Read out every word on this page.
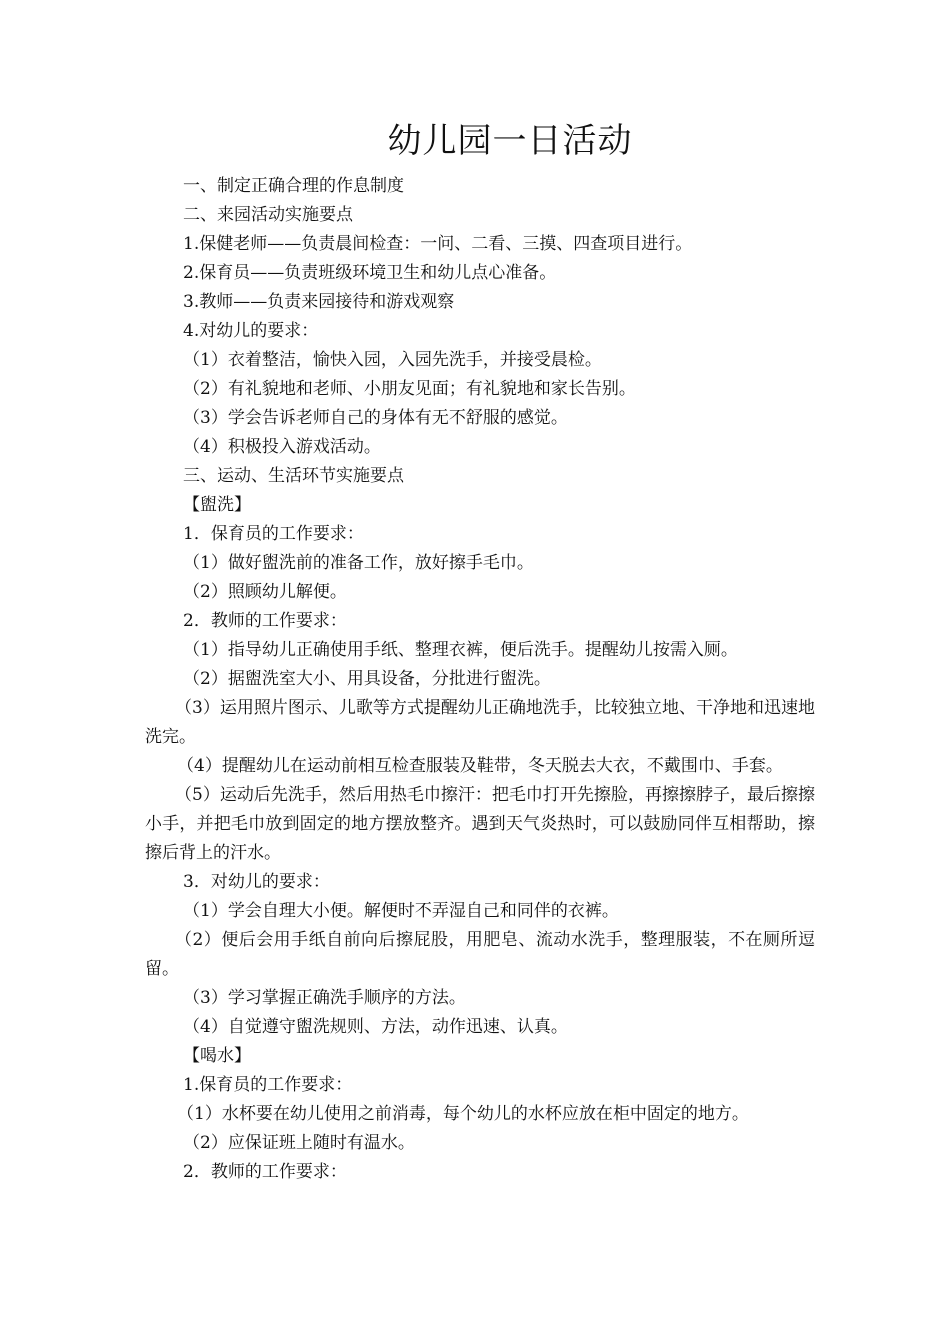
幼儿园一日活动
一、制定正确合理的作息制度
二、来园活动实施要点
1.保健老师——负责晨间检查：一问、二看、三摸、四查项目进行。
2.保育员——负责班级环境卫生和幼儿点心准备。
3.教师——负责来园接待和游戏观察
4.对幼儿的要求：
（1）衣着整洁，愉快入园，入园先洗手，并接受晨检。
（2）有礼貌地和老师、小朋友见面；有礼貌地和家长告别。
（3）学会告诉老师自己的身体有无不舒服的感觉。
（4）积极投入游戏活动。
三、运动、生活环节实施要点
【盥洗】
1．保育员的工作要求：
（1）做好盥洗前的准备工作，放好擦手毛巾。
（2）照顾幼儿解便。
2．教师的工作要求：
（1）指导幼儿正确使用手纸、整理衣裤，便后洗手。提醒幼儿按需入厕。
（2）据盥洗室大小、用具设备，分批进行盥洗。
（3）运用照片图示、儿歌等方式提醒幼儿正确地洗手，比较独立地、干净地和迅速地洗完。
（4）提醒幼儿在运动前相互检查服装及鞋带，冬天脱去大衣，不戴围巾、手套。
（5）运动后先洗手，然后用热毛巾擦汗：把毛巾打开先擦脸，再擦擦脖子，最后擦擦小手，并把毛巾放到固定的地方摆放整齐。遇到天气炎热时，可以鼓励同伴互相帮助，擦擦后背上的汗水。
3．对幼儿的要求：
（1）学会自理大小便。解便时不弄湿自己和同伴的衣裤。
（2）便后会用手纸自前向后擦屁股，用肥皂、流动水洗手，整理服装，不在厕所逗留。
（3）学习掌握正确洗手顺序的方法。
（4）自觉遵守盥洗规则、方法，动作迅速、认真。
【喝水】
1.保育员的工作要求：
（1）水杯要在幼儿使用之前消毒，每个幼儿的水杯应放在柜中固定的地方。
（2）应保证班上随时有温水。
2．教师的工作要求：
